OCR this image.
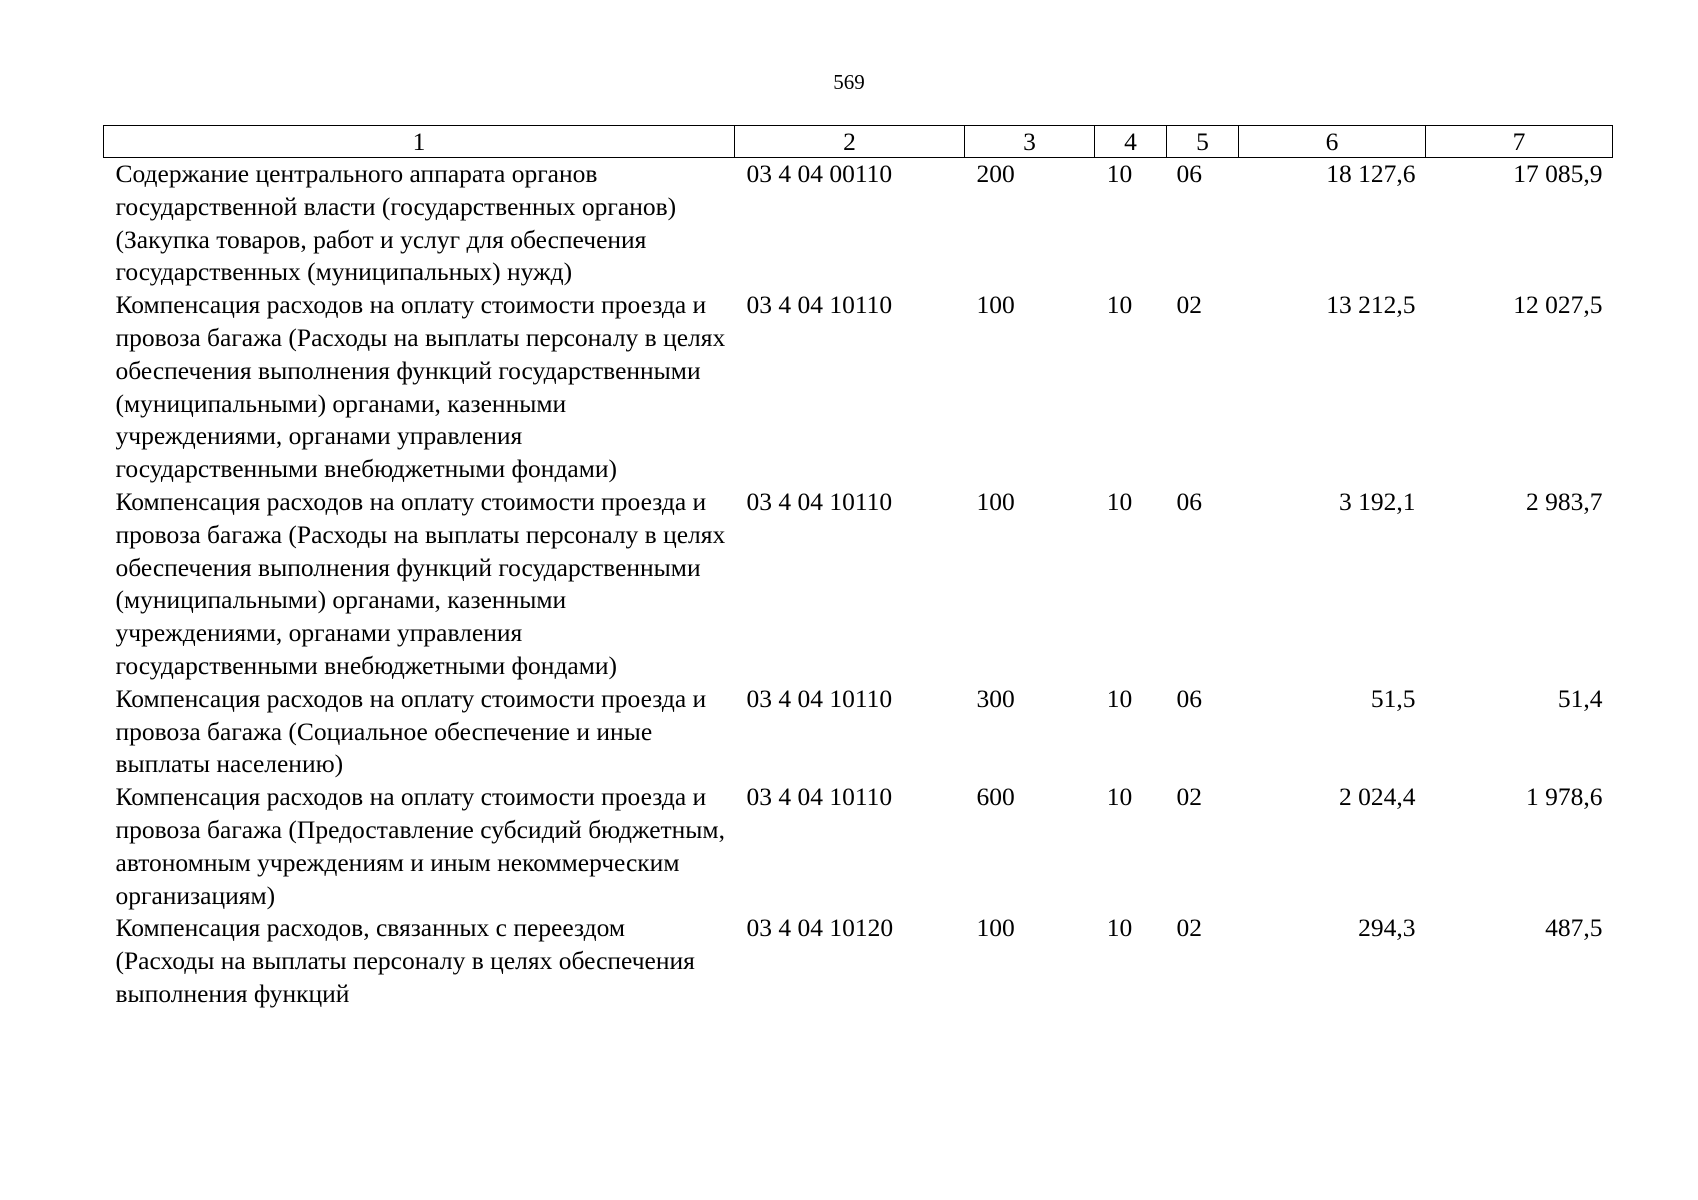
569
1	2	3	4	5	6	7
Содержание центрального аппарата органов государственной власти (государственных органов) (Закупка товаров, работ и услуг для обеспечения государственных (муниципальных) нужд)	03 4 04 00110	200	10	06	18 127,6	17 085,9
Компенсация расходов на оплату стоимости проезда и провоза багажа (Расходы на выплаты персоналу в целях обеспечения выполнения функций государственными (муниципальными) органами, казенными учреждениями, органами управления государственными внебюджетными фондами)	03 4 04 10110	100	10	02	13 212,5	12 027,5
Компенсация расходов на оплату стоимости проезда и провоза багажа (Расходы на выплаты персоналу в целях обеспечения выполнения функций государственными (муниципальными) органами, казенными учреждениями, органами управления государственными внебюджетными фондами)	03 4 04 10110	100	10	06	3 192,1	2 983,7
Компенсация расходов на оплату стоимости проезда и провоза багажа (Социальное обеспечение и иные выплаты населению)	03 4 04 10110	300	10	06	51,5	51,4
Компенсация расходов на оплату стоимости проезда и провоза багажа (Предоставление субсидий бюджетным, автономным учреждениям и иным некоммерческим организациям)	03 4 04 10110	600	10	02	2 024,4	1 978,6
Компенсация расходов, связанных с переездом (Расходы на выплаты персоналу в целях обеспечения выполнения функций	03 4 04 10120	100	10	02	294,3	487,5
